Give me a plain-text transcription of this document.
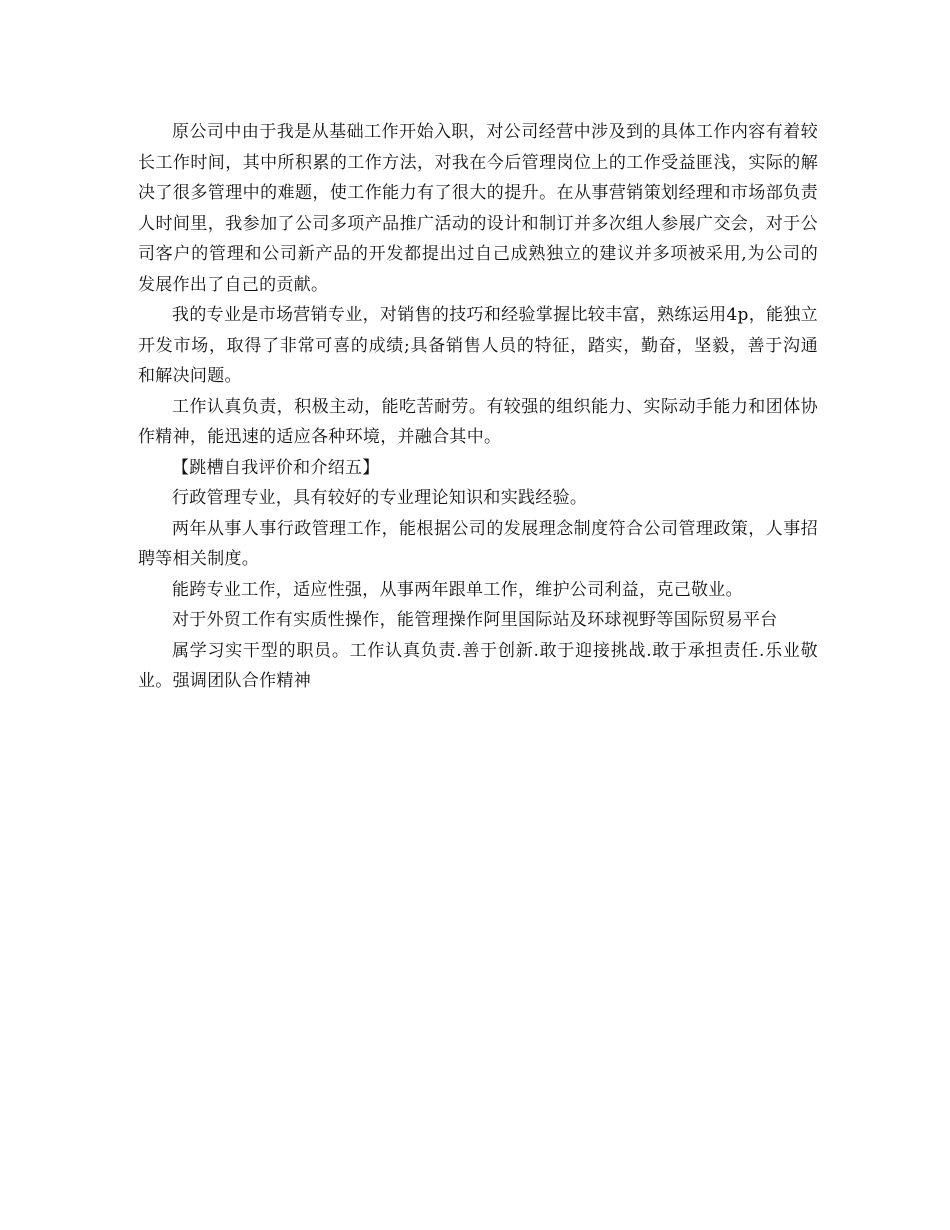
原公司中由于我是从基础工作开始入职，对公司经营中涉及到的具体工作内容有着较长工作时间，其中所积累的工作方法，对我在今后管理岗位上的工作受益匪浅，实际的解决了很多管理中的难题，使工作能力有了很大的提升。在从事营销策划经理和市场部负责人时间里，我参加了公司多项产品推广活动的设计和制订并多次组人参展广交会，对于公司客户的管理和公司新产品的开发都提出过自己成熟独立的建议并多项被采用,为公司的发展作出了自己的贡献。

我的专业是市场营销专业，对销售的技巧和经验掌握比较丰富，熟练运用4p，能独立开发市场，取得了非常可喜的成绩;具备销售人员的特征，踏实，勤奋，坚毅，善于沟通和解决问题。

工作认真负责，积极主动，能吃苦耐劳。有较强的组织能力、实际动手能力和团体协作精神，能迅速的适应各种环境，并融合其中。

【跳槽自我评价和介绍五】

行政管理专业，具有较好的专业理论知识和实践经验。

两年从事人事行政管理工作，能根据公司的发展理念制度符合公司管理政策，人事招聘等相关制度。

能跨专业工作，适应性强，从事两年跟单工作，维护公司利益，克己敬业。

对于外贸工作有实质性操作，能管理操作阿里国际站及环球视野等国际贸易平台

属学习实干型的职员。工作认真负责.善于创新.敢于迎接挑战.敢于承担责任.乐业敬业。强调团队合作精神
